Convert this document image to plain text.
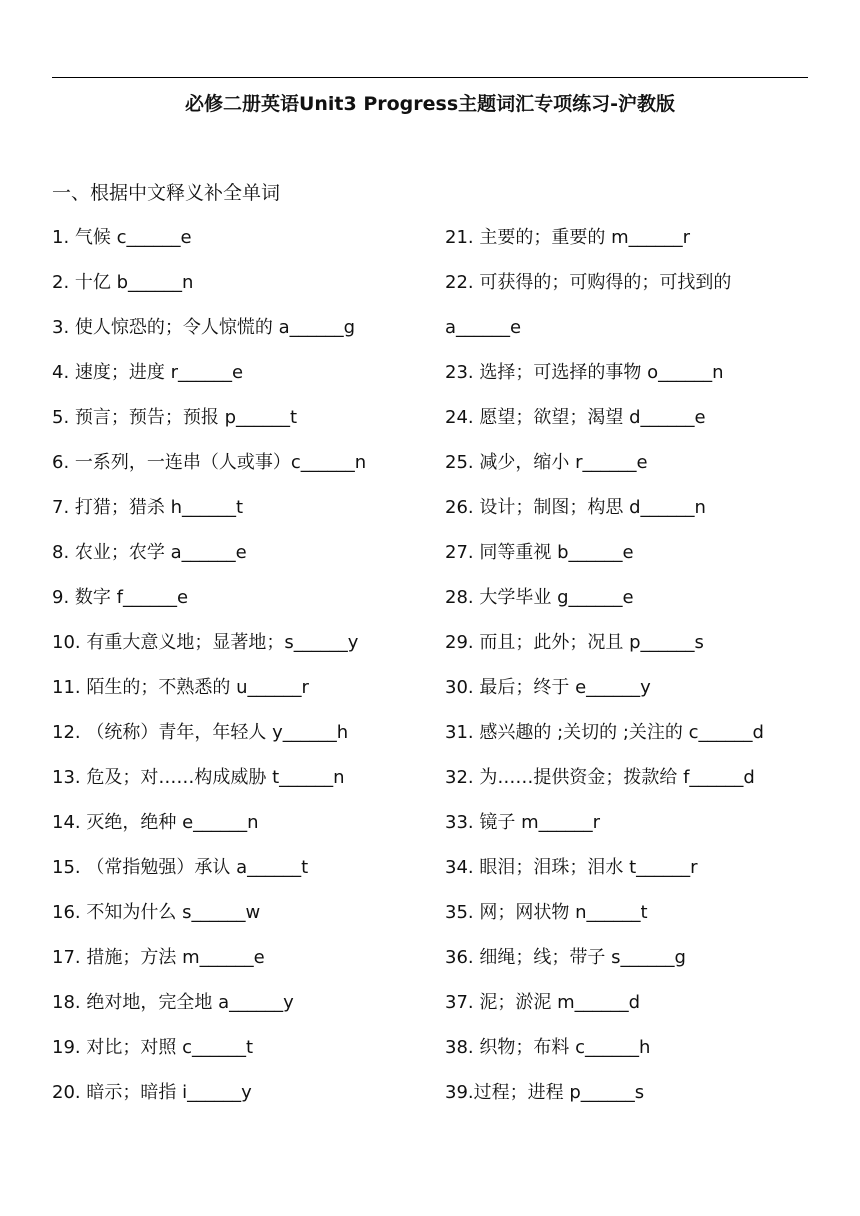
必修二册英语Unit3 Progress主题词汇专项练习-沪教版
一、根据中文释义补全单词
1. 气候 c______e
2. 十亿 b______n
3. 使人惊恐的；令人惊慌的 a______g
4. 速度；进度 r______e
5. 预言；预告；预报 p______t
6. 一系列，一连串（人或事）c______n
7. 打猎；猎杀 h______t
8. 农业；农学 a______e
9. 数字 f______e
10. 有重大意义地；显著地；s______y
11. 陌生的；不熟悉的 u______r
12. （统称）青年，年轻人 y______h
13. 危及；对……构成威胁 t______n
14. 灭绝，绝种 e______n
15. （常指勉强）承认 a______t
16. 不知为什么 s______w
17. 措施；方法 m______e
18. 绝对地，完全地 a______y
19. 对比；对照 c______t
20. 暗示；暗指 i______y
21. 主要的；重要的 m______r
22. 可获得的；可购得的；可找到的
a______e
23. 选择；可选择的事物 o______n
24. 愿望；欲望；渴望 d______e
25. 减少，缩小 r______e
26. 设计；制图；构思 d______n
27. 同等重视 b______e
28. 大学毕业 g______e
29. 而且；此外；况且 p______s
30. 最后；终于 e______y
31. 感兴趣的 ;关切的 ;关注的 c______d
32. 为……提供资金；拨款给 f______d
33. 镜子 m______r
34. 眼泪；泪珠；泪水 t______r
35. 网；网状物 n______t
36. 细绳；线；带子 s______g
37. 泥；淤泥 m______d
38. 织物；布料 c______h
39.过程；进程 p______s
